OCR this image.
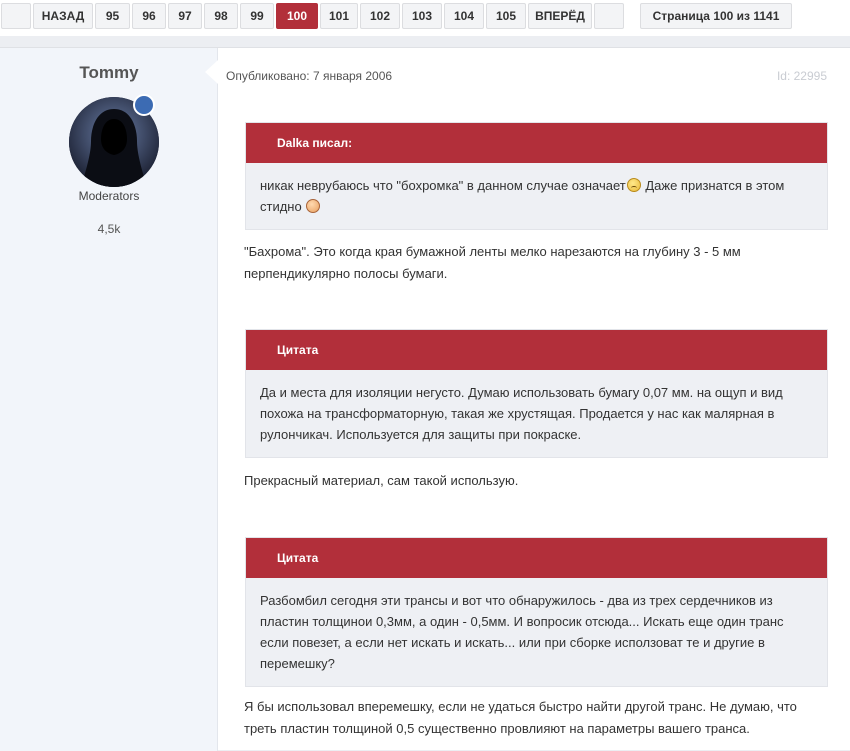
НАЗАД	95	96	97	98	99	100	101	102	103	104	105	ВПЕРЁД	Страница 100 из 1141
Tommy
Moderators
4,5k
Опубликовано: 7 января 2006	Id: 22995
Dalka писал:
никак неврубаюсь что "бохромка" в данном случае означает Даже признатся в этом стидно
"Бахрома". Это когда края бумажной ленты мелко нарезаются на глубину 3 - 5 мм перпендикулярно полосы бумаги.
Цитата
Да и места для изоляции негусто. Думаю использовать бумагу 0,07 мм. на ощуп и вид похожа на трансформаторную, такая же хрустящая. Продается у нас как малярная в рулончикач. Используется для защиты при покраске.
Прекрасный материал, сам такой использую.
Цитата
Разбомбил сегодня эти трансы и вот что обнаружилось - два из трех сердечников из пластин толщинои 0,3мм, а один - 0,5мм. И вопросик отсюда... Искать еще один транс если повезет, а если нет искать и искать... или при сборке исползоват те и другие в перемешку?
Я бы использовал вперемешку, если не удаться быстро найти другой транс. Не думаю, что треть пластин толщиной 0,5 существенно провлияют на параметры вашего транса.
